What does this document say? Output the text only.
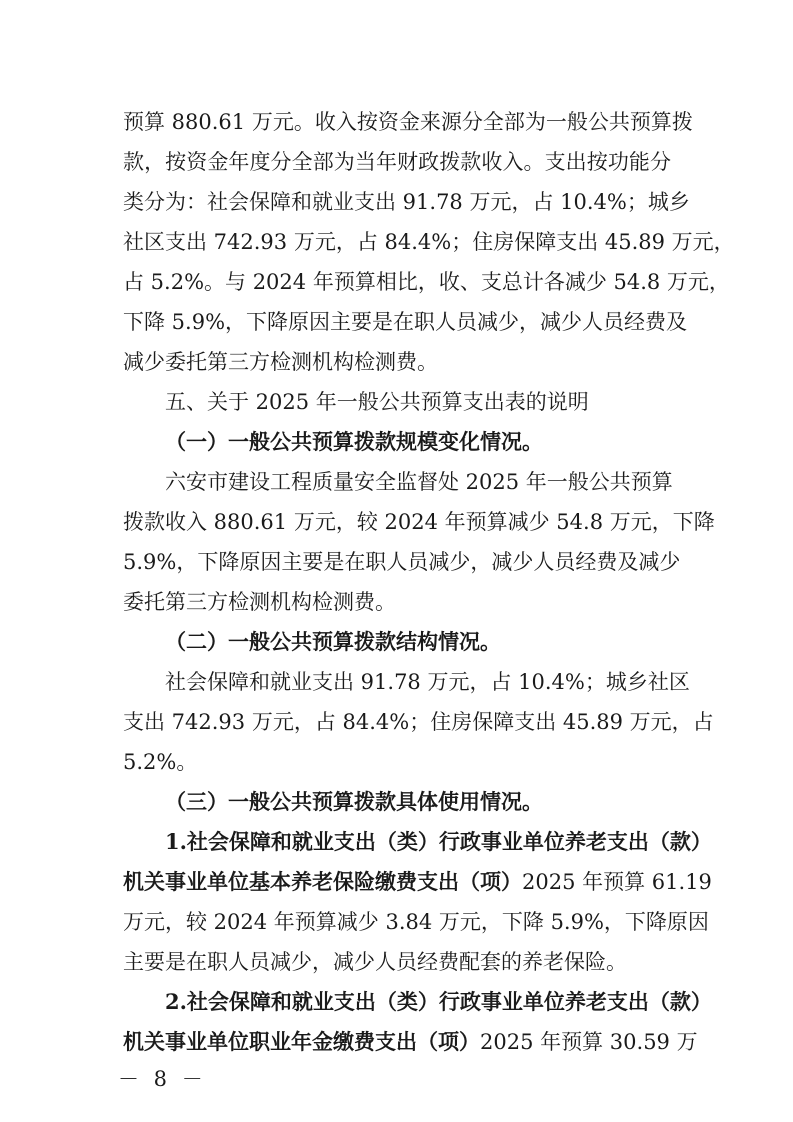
预算 880.61 万元。收入按资金来源分全部为一般公共预算拨
款，按资金年度分全部为当年财政拨款收入。支出按功能分
类分为：社会保障和就业支出 91.78 万元，占 10.4%；城乡
社区支出 742.93 万元，占 84.4%；住房保障支出 45.89 万元，
占 5.2%。与 2024 年预算相比，收、支总计各减少 54.8 万元，
下降 5.9%，下降原因主要是在职人员减少，减少人员经费及
减少委托第三方检测机构检测费。
五、关于 2025 年一般公共预算支出表的说明
（一）一般公共预算拨款规模变化情况。
六安市建设工程质量安全监督处 2025 年一般公共预算
拨款收入 880.61 万元，较 2024 年预算减少 54.8 万元，下降
5.9%，下降原因主要是在职人员减少，减少人员经费及减少
委托第三方检测机构检测费。
（二）一般公共预算拨款结构情况。
社会保障和就业支出 91.78 万元，占 10.4%；城乡社区
支出 742.93 万元，占 84.4%；住房保障支出 45.89 万元，占
5.2%。
（三）一般公共预算拨款具体使用情况。
1.社会保障和就业支出（类）行政事业单位养老支出（款）
机关事业单位基本养老保险缴费支出（项）2025 年预算 61.19
万元，较 2024 年预算减少 3.84 万元，下降 5.9%，下降原因
主要是在职人员减少，减少人员经费配套的养老保险。
2.社会保障和就业支出（类）行政事业单位养老支出（款）
机关事业单位职业年金缴费支出（项）2025 年预算 30.59 万
－ 8 －
